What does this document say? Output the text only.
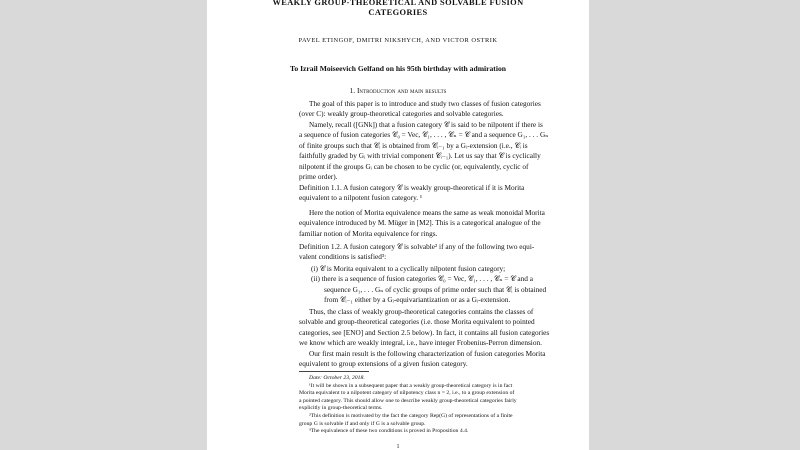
WEAKLY GROUP-THEORETICAL AND SOLVABLE FUSION
CATEGORIES
PAVEL ETINGOF, DMITRI NIKSHYCH, AND VICTOR OSTRIK
To Izrail Moiseevich Gelfand on his 95th birthday with admiration
1. Introduction and main results
The goal of this paper is to introduce and study two classes of fusion categories
(over C): weakly group-theoretical categories and solvable categories.
Namely, recall ([GNk]) that a fusion category 𝒞 is said to be nilpotent if there is
a sequence of fusion categories 𝒞₀ = Vec, 𝒞₁, . . . , 𝒞ₙ = 𝒞 and a sequence G₁, . . . Gₙ
of finite groups such that 𝒞ᵢ is obtained from 𝒞ᵢ₋₁ by a Gᵢ-extension (i.e., 𝒞ᵢ is
faithfully graded by Gᵢ with trivial component 𝒞ᵢ₋₁). Let us say that 𝒞 is cyclically
nilpotent if the groups Gᵢ can be chosen to be cyclic (or, equivalently, cyclic of
prime order).
Definition 1.1. A fusion category 𝒞 is weakly group-theoretical if it is Morita
equivalent to a nilpotent fusion category. ¹
Here the notion of Morita equivalence means the same as weak monoidal Morita
equivalence introduced by M. Müger in [M2]. This is a categorical analogue of the
familiar notion of Morita equivalence for rings.
Definition 1.2. A fusion category 𝒞 is solvable² if any of the following two equi-
valent conditions is satisfied³:
(i) 𝒞 is Morita equivalent to a cyclically nilpotent fusion category;
(ii) there is a sequence of fusion categories 𝒞₀ = Vec, 𝒞₁, . . . , 𝒞ₙ = 𝒞 and a
sequence G₁, . . . Gₙ of cyclic groups of prime order such that 𝒞ᵢ is obtained
from 𝒞ᵢ₋₁ either by a Gᵢ-equivariantization or as a Gᵢ-extension.
Thus, the class of weakly group-theoretical categories contains the classes of
solvable and group-theoretical categories (i.e. those Morita equivalent to pointed
categories, see [ENO] and Section 2.5 below). In fact, it contains all fusion categories
we know which are weakly integral, i.e., have integer Frobenius-Perron dimension.
Our first main result is the following characterization of fusion categories Morita
equivalent to group extensions of a given fusion category.
Date: October 23, 2018.
¹It will be shown in a subsequent paper that a weakly group-theoretical category is in fact
Morita equivalent to a nilpotent category of nilpotency class n = 2, i.e., to a group extension of
a pointed category. This should allow one to describe weakly group-theoretical categories fairly
explicitly in group-theoretical terms.
²This definition is motivated by the fact the category Rep(G) of representations of a finite
group G is solvable if and only if G is a solvable group.
³The equivalence of these two conditions is proved in Proposition 4.4.
1
